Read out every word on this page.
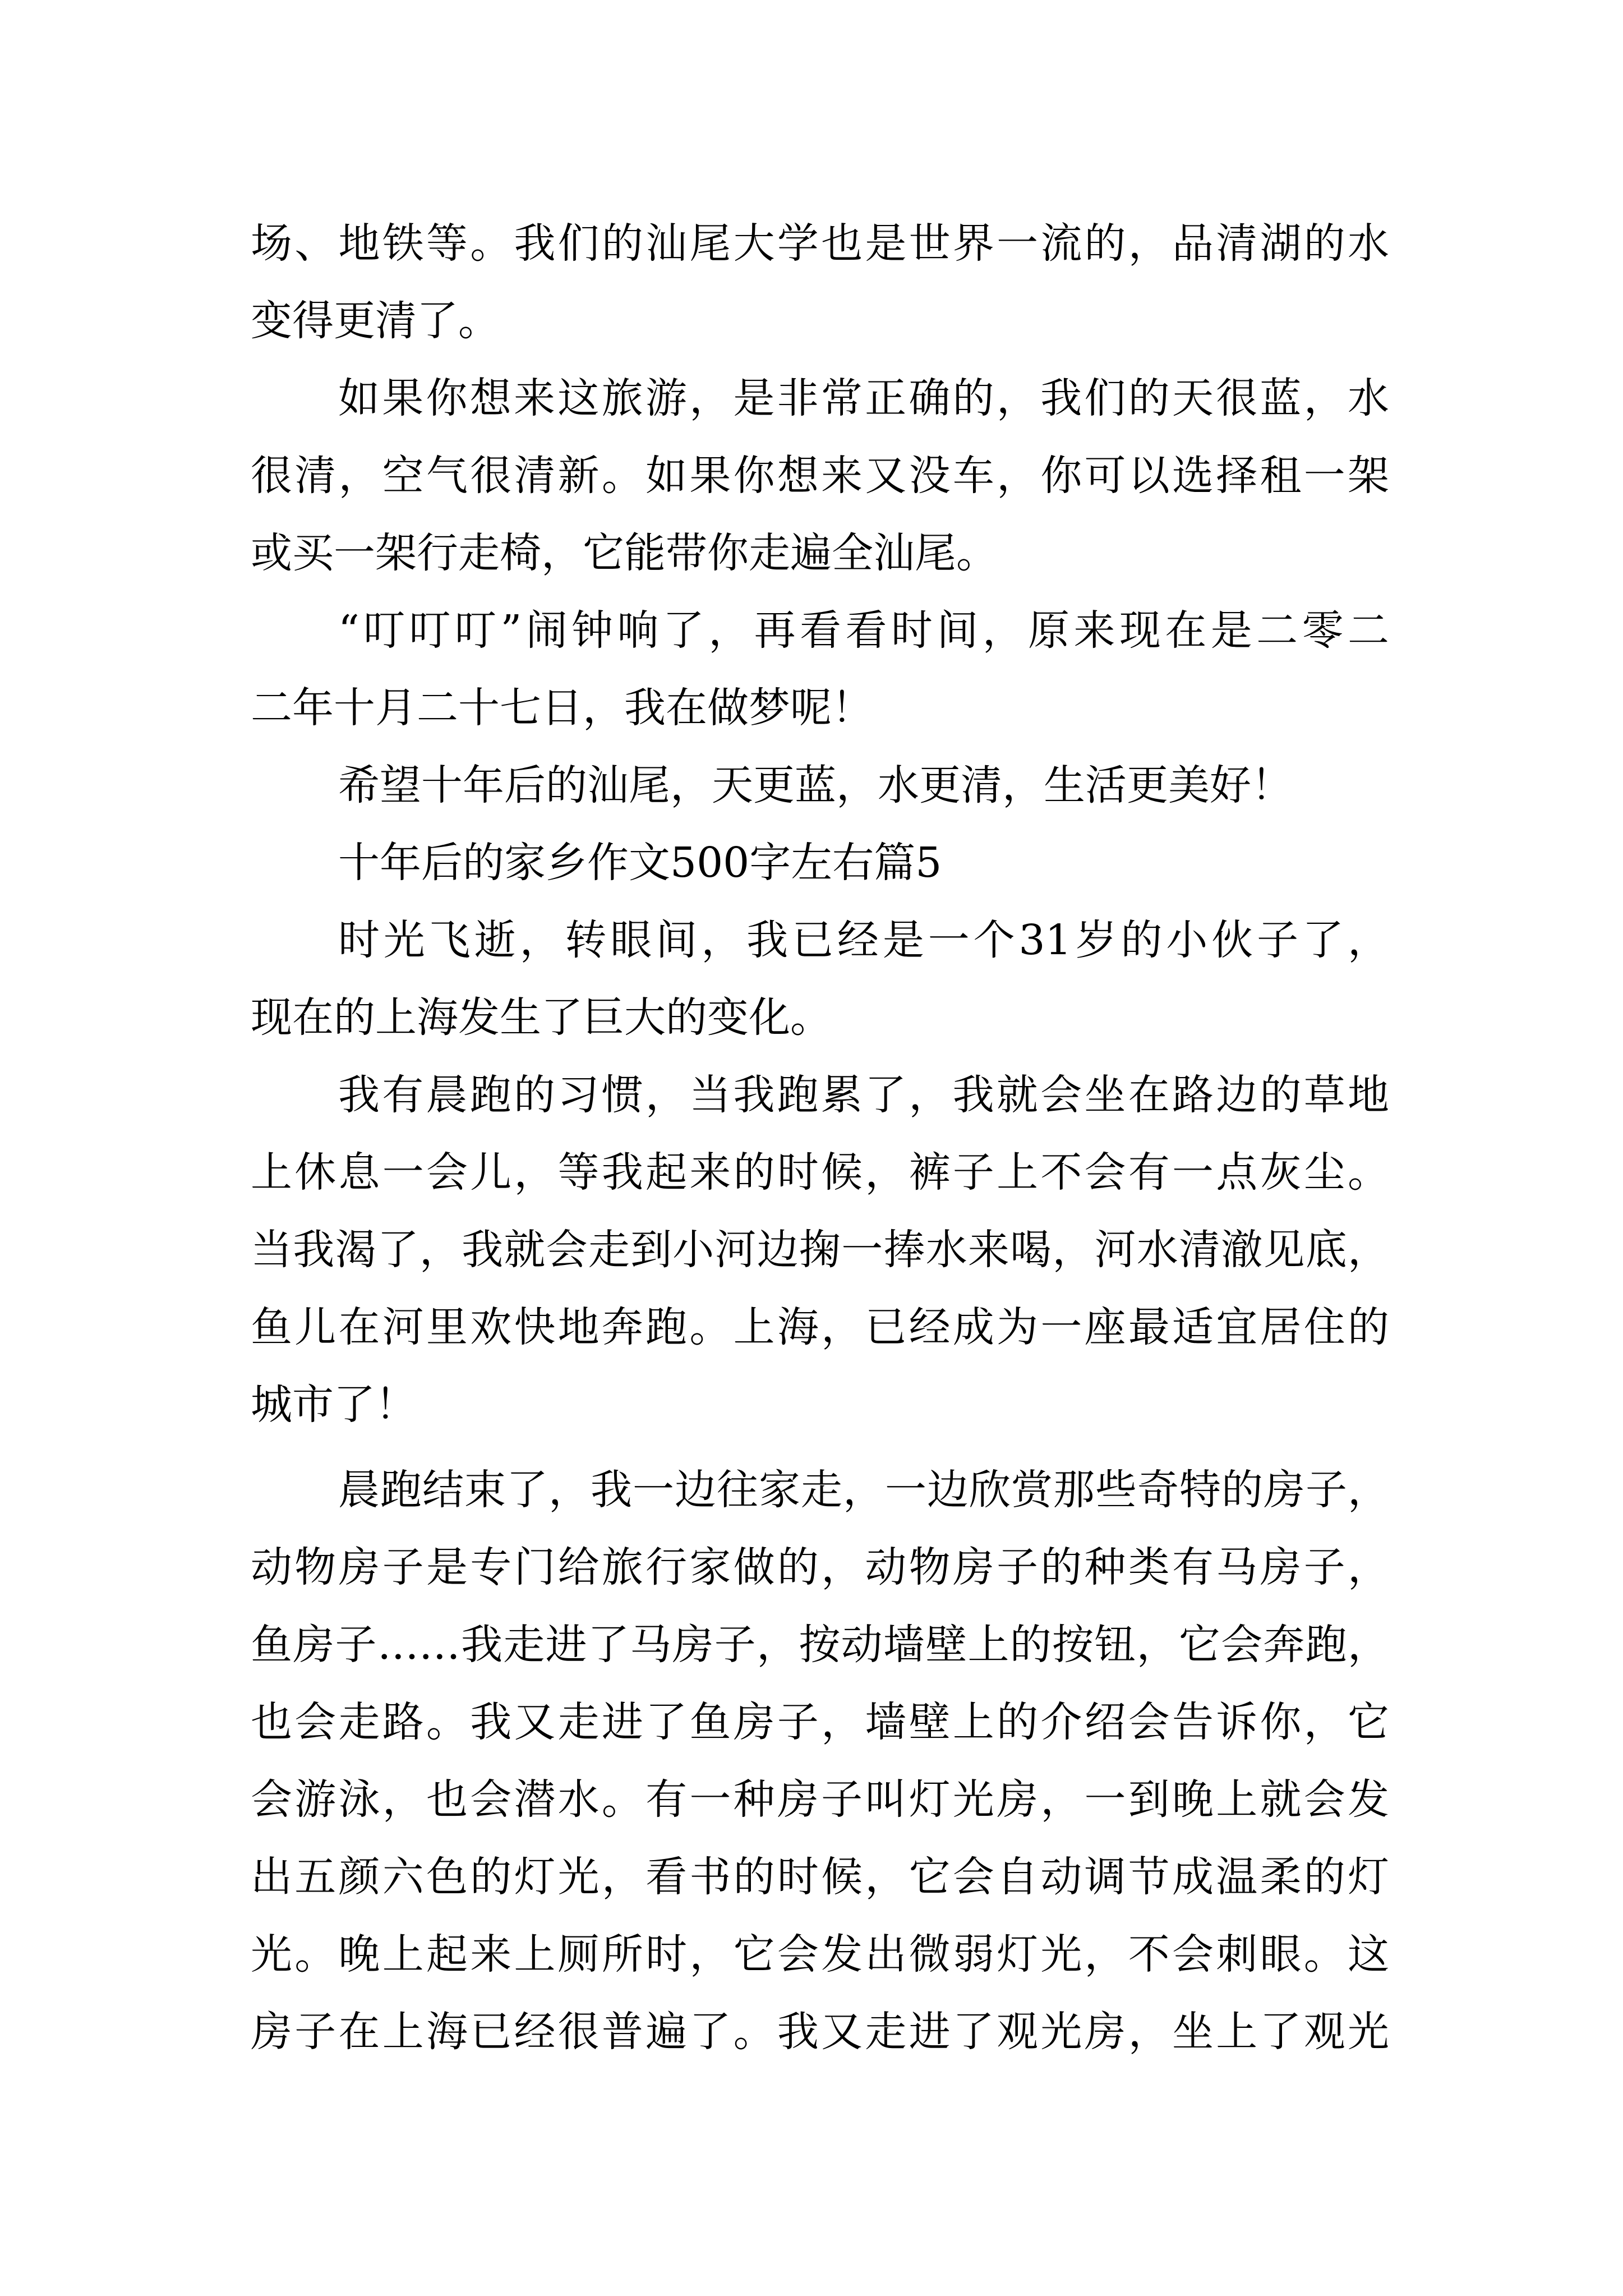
场、地铁等。我们的汕尾大学也是世界一流的，品清湖的水
变得更清了。
如果你想来这旅游，是非常正确的，我们的天很蓝，水
很清，空气很清新。如果你想来又没车，你可以选择租一架
或买一架行走椅，它能带你走遍全汕尾。
“叮叮叮”闹钟响了，再看看时间，原来现在是二零二
二年十月二十七日，我在做梦呢！
希望十年后的汕尾，天更蓝，水更清，生活更美好！
十年后的家乡作文500字左右篇5
时光飞逝，转眼间，我已经是一个31岁的小伙子了，
现在的上海发生了巨大的变化。
我有晨跑的习惯，当我跑累了，我就会坐在路边的草地
上休息一会儿，等我起来的时候，裤子上不会有一点灰尘。
当我渴了，我就会走到小河边掬一捧水来喝，河水清澈见底，
鱼儿在河里欢快地奔跑。上海，已经成为一座最适宜居住的
城市了！
晨跑结束了，我一边往家走，一边欣赏那些奇特的房子，
动物房子是专门给旅行家做的，动物房子的种类有马房子，
鱼房子……我走进了马房子，按动墙壁上的按钮，它会奔跑，
也会走路。我又走进了鱼房子，墙壁上的介绍会告诉你，它
会游泳，也会潜水。有一种房子叫灯光房，一到晚上就会发
出五颜六色的灯光，看书的时候，它会自动调节成温柔的灯
光。晚上起来上厕所时，它会发出微弱灯光，不会刺眼。这
房子在上海已经很普遍了。我又走进了观光房，坐上了观光
